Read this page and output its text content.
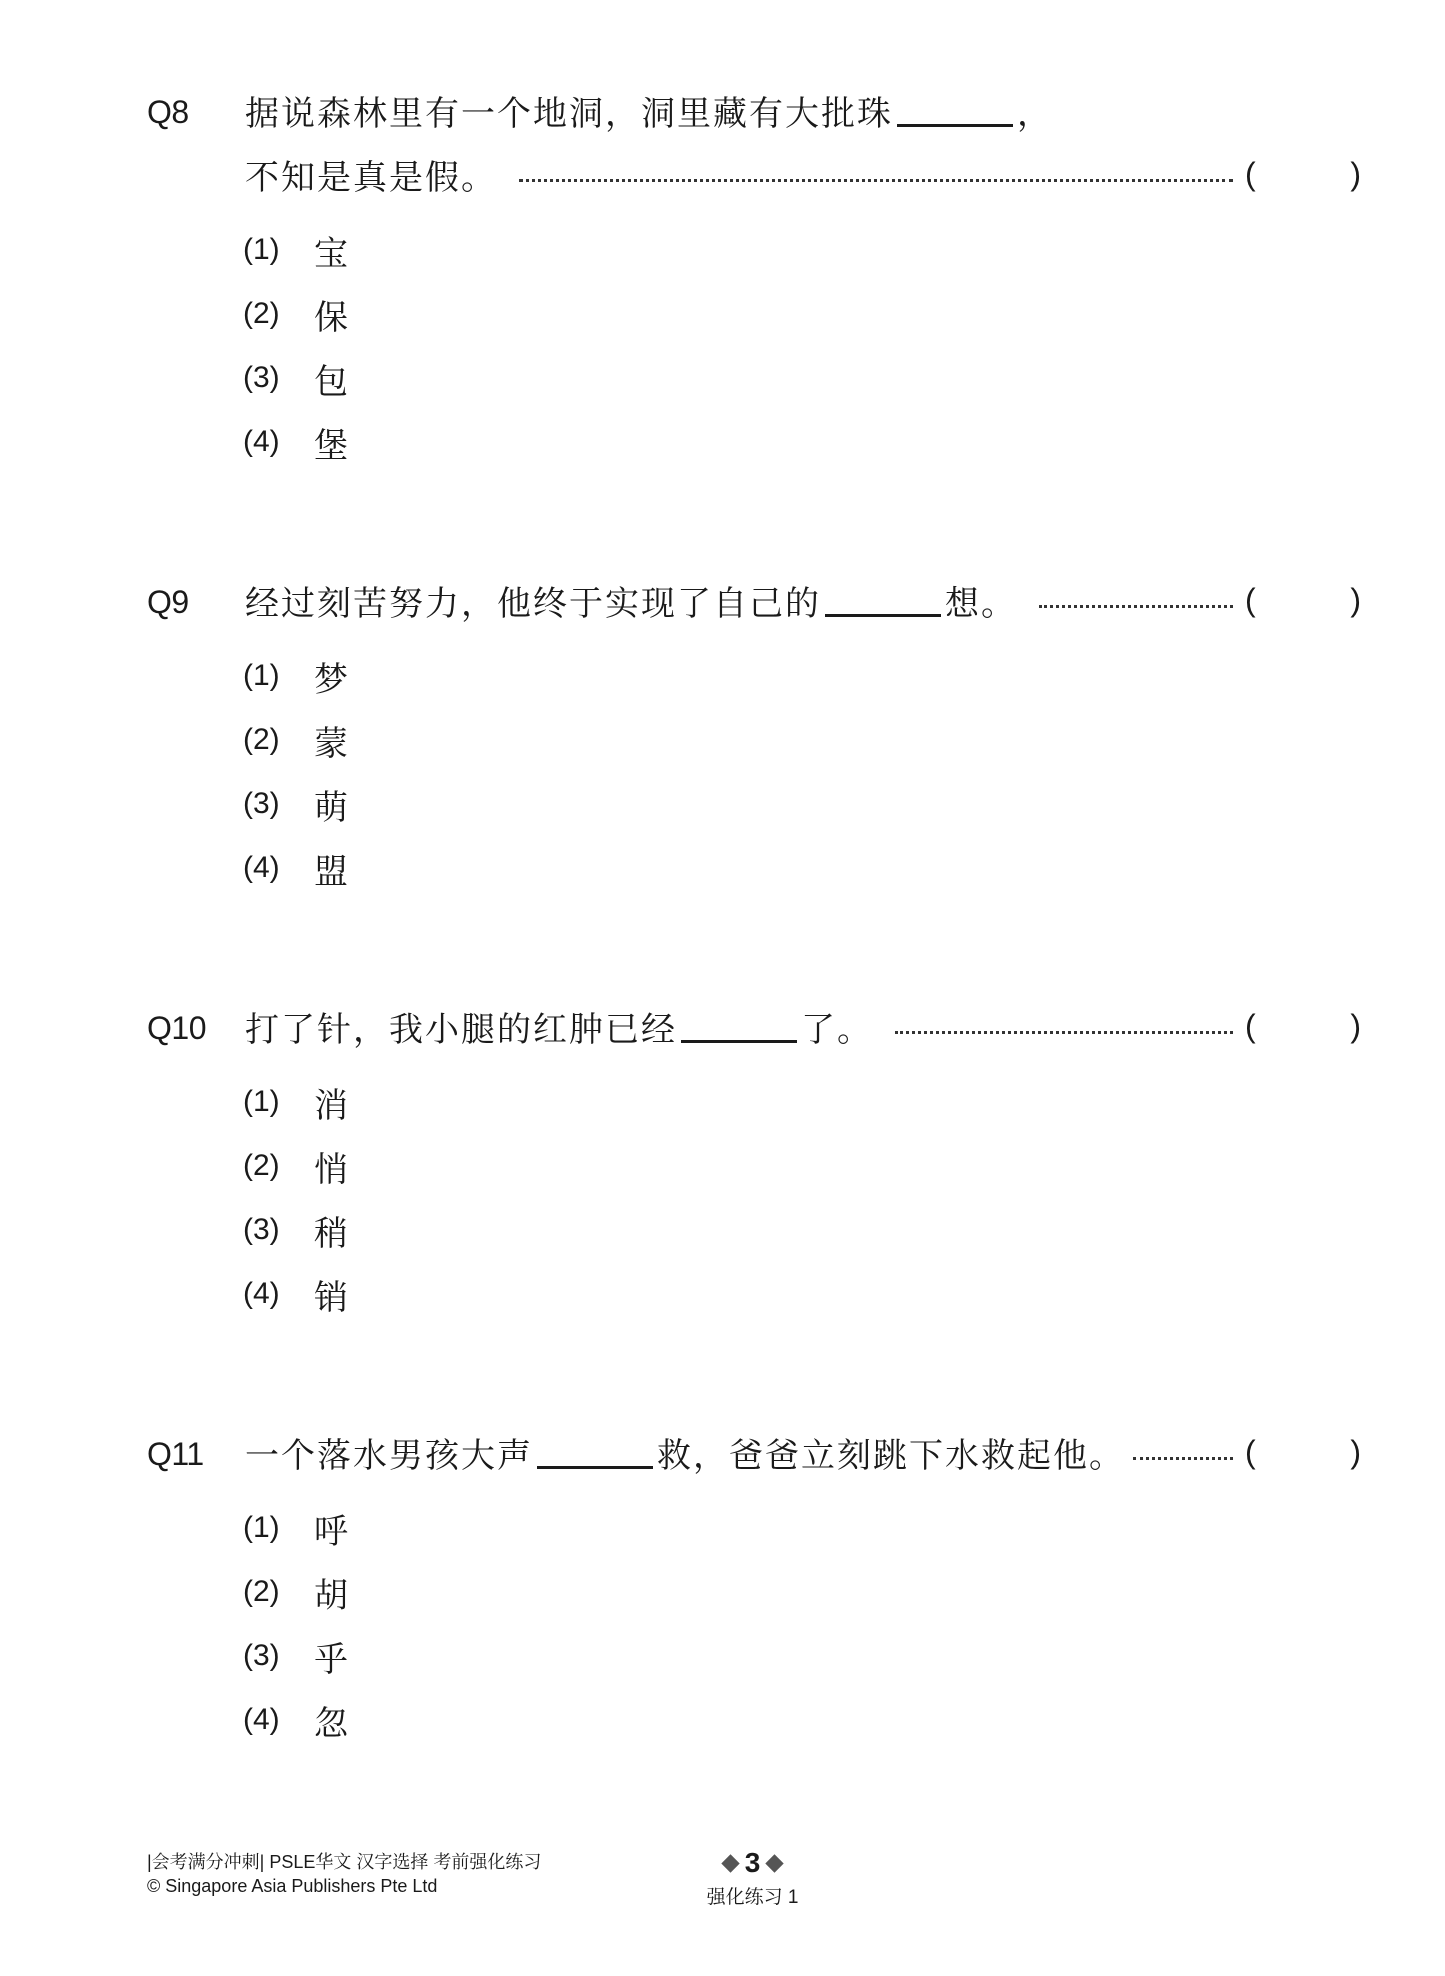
Q8 据说森林里有一个地洞，洞里藏有大批珠	，
不知是真是假。	(	)
(1)	宝
(2)	保
(3)	包
(4)	堡
Q9 经过刻苦努力，他终于实现了自己的	想。	(	)
(1)	梦
(2)	蒙
(3)	萌
(4)	盟
Q10 打了针，我小腿的红肿已经	了。	(	)
(1)	消
(2)	悄
(3)	稍
(4)	销
Q11 一个落水男孩大声	救，爸爸立刻跳下水救起他。	(	)
(1)	呼
(2)	胡
(3)	乎
(4)	忽
|会考满分冲刺| PSLE华文 汉字选择 考前强化练习
© Singapore Asia Publishers Pte Ltd
3
强化练习 1
